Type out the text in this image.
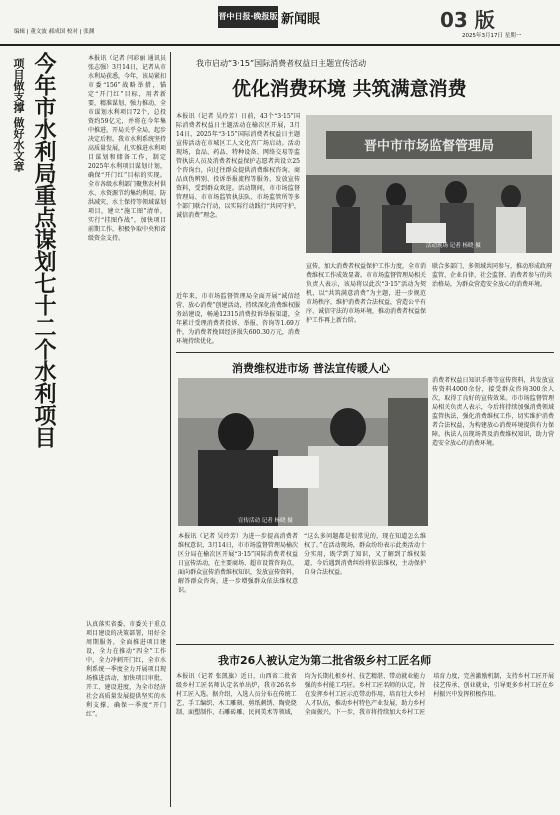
编辑 | 董文波 郝成国 校对 | 张渊
晋中日报·晚报版 新闻眼	03 版
2025年3月17日 星期一
项目做支撑 做好水文章 今年市水利局重点谋划七十二个水利项目	本报讯（记者 闫彩丽 通讯员 张志强）3月14日，记者从市水利局获悉，今年，该局紧扣市委“156”战略举措，锚定“开门红”目标，用者新要，精准谋划、强力推动，全市谋划水利项目72个，总投资约59亿元，并将在今年集中推进。开局关乎全局，起步决定后程。我市水利系统坚持高质量发展，扎实推进水利项目谋划和储备工作，制定2025年水利项目谋划计划，确保“开门红”目标的实现。全市各级水利部门聚焦农村供水、水资源节约集约利用、防洪减灾、水土保持等领域谋划项目，建立“施工图”清单，实行“挂图作战”，加快项目前期工作，积极争取中央和省级资金支持。
认真落实省委、市委关于重点项目建设的决策部署，用好全周期服务，全面推进项目建设，全力在推动“四全”工作中，全力冲刺开门红，全市水利系统一季度全力开展项目现场推进活动，加快项目审批、开工、建设进度，为全市经济社会高质量发展提供坚实的水利支撑，确保一季度“开门红”。
我市启动“3·15”国际消费者权益日主题宣传活动
优化消费环境 共筑满意消费
本报讯（记者 吴玲芳）日前，43个“3·15”国际消费者权益日主题活动在榆次区开展，3月14日，2025年“3·15”国际消费者权益日主题宣传活动在市城区工人文化宫广场启动。活动现场，食品、药品、特种设备、网络交易等监管执法人员及消费者权益保护志愿者共设立25个咨询台，向过往群众提供消费维权咨询、商品真伪辨别、投诉举报流程等服务，发放宣传资料，受到群众欢迎。活动期间，市市场监督管理局、市市场监管执法队、市场监管所等多个部门联合行动，以实际行动践行“共同守护，诚信消费”理念。
近年来，市市场监督管理局全面开展“诚信经营、放心消费”创建活动，持续深化消费维权服务站建设，畅通12315消费投诉举报渠道，全年累计受理消费者投诉、举报、咨询等1.69万件，为消费者挽回经济损失600.30万元，消费环境持续优化。
晋中市市场监督管理局
活动现场 记者 杨晓 摄
宣传，加大消费者权益保护工作力度，全市消费维权工作成效显著。市市场监督管理局相关负责人表示，该局将以此次“3·15”活动为契机，以“共筑满意消费”为主题，进一步规范市场秩序，维护消费者合法权益，营造公平有序、诚信守法的市场环境，推动消费者权益保护工作再上新台阶。
联合多部门、多领域共同参与，推动形成政府监管、企业自律、社会监督、消费者参与的共治格局，为群众营造安全放心的消费环境。
消费维权进市场 普法宣传暖人心
宣传活动 记者 杨晓 摄
消费者权益日知识手册等宣传资料，共发放宣传资料4000余份，接受群众咨询300余人次，取得了良好的宣传效果。市市场监督管理局相关负责人表示，今后将持续加强消费领域监管执法，强化消费维权工作，切实维护消费者合法权益，为构建放心消费环境提供有力保障。执法人员现场普及消费维权知识，助力营造安全放心的消费环境。
本报讯（记者 吴玲芳）为进一步提高消费者维权意识，3月14日，市市场监督管理局榆次区分局在榆次区开展“3·15”国际消费者权益日宣传活动，在主要商场、超市设置咨询点，面向群众宣传消费维权知识，发放宣传资料，解答群众咨询，进一步增强群众依法维权意识。
“这么多问题都是很常见的，现在知道怎么维权了。”在活动现场，群众纷纷表示此类活动十分实用，既学到了知识，又了解到了维权渠道，今后遇到消费纠纷将依法维权，主动保护自身合法权益。
我市26人被认定为第二批省级乡村工匠名师
本报讯（记者 张凯旗）近日，山西省二批省级乡村工匠名师认定名单出炉，我市26名乡村工匠入选。据介绍，入选人员分布在传统工艺、手工编织、木工雕刻、剪纸刺绣、陶瓷烧制、面塑制作、石雕砖雕、民间美术等领域，均为长期扎根乡村、技艺精湛、带动就业能力强的乡村能工巧匠。乡村工匠名师的认定，旨在发挥乡村工匠示范带动作用，培育壮大乡村人才队伍，推动乡村特色产业发展，助力乡村全面振兴。下一步，我市将持续加大乡村工匠培育力度，完善激励机制，支持乡村工匠开展技艺传承、创业就业，引导更多乡村工匠在乡村振兴中发挥积极作用。
